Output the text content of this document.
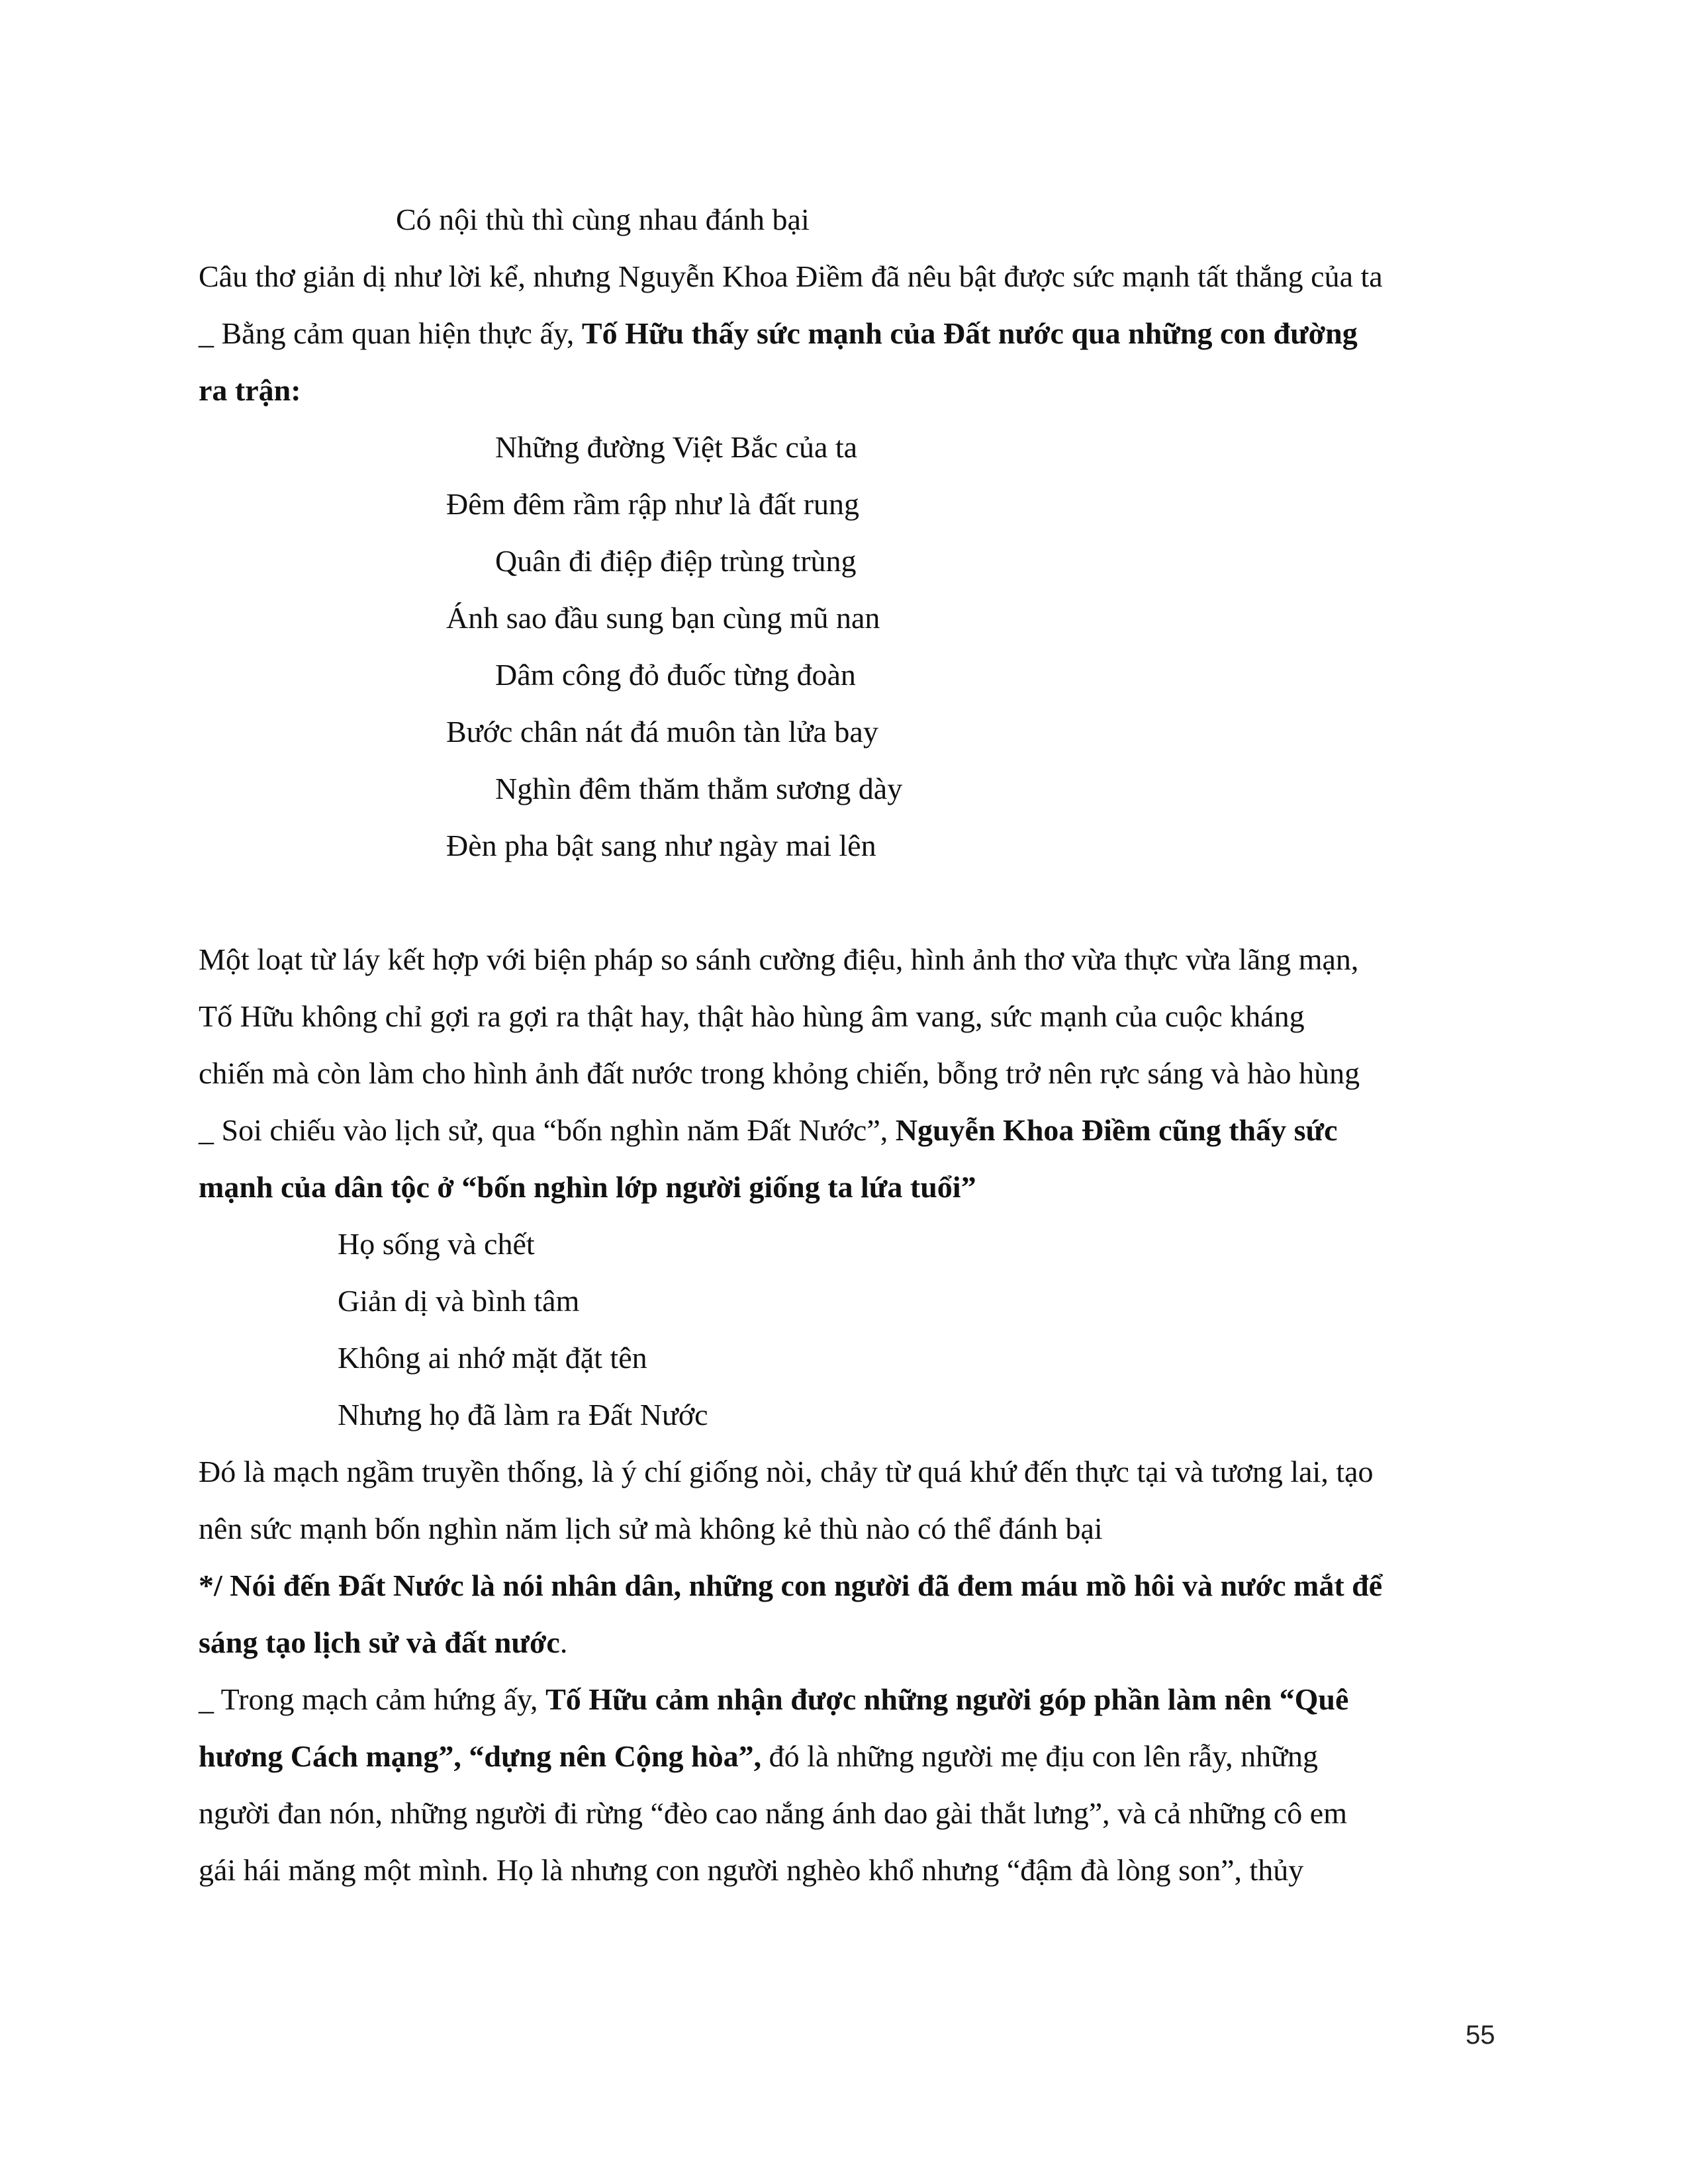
Có nội thù thì cùng nhau đánh bại
Câu thơ giản dị như lời kể, nhưng Nguyễn Khoa Điềm đã nêu bật được sức mạnh tất thắng của ta
_ Bằng cảm quan hiện thực ấy, Tố Hữu thấy sức mạnh của Đất nước qua những con đường
ra trận:
Những đường Việt Bắc của ta
Đêm đêm rầm rập như là đất rung
Quân đi điệp điệp trùng trùng
Ánh sao đầu sung bạn cùng mũ nan
Dâm công đỏ đuốc từng đoàn
Bước chân nát đá muôn tàn lửa bay
Nghìn đêm thăm thẳm sương dày
Đèn pha bật sang như ngày mai lên
Một loạt từ láy kết hợp với biện pháp so sánh cường điệu, hình ảnh thơ vừa thực vừa lãng mạn,
Tố Hữu không chỉ gợi ra gợi ra thật hay, thật hào hùng âm vang, sức mạnh của cuộc kháng
chiến mà còn làm cho hình ảnh đất nước trong khỏng chiến, bỗng trở nên rực sáng và hào hùng
_ Soi chiếu vào lịch sử, qua “bốn nghìn năm Đất Nước”, Nguyễn Khoa Điềm cũng thấy sức
mạnh của dân tộc ở “bốn nghìn lớp người giống ta lứa tuổi”
Họ sống và chết
Giản dị và bình tâm
Không ai nhớ mặt đặt tên
Nhưng họ đã làm ra Đất Nước
Đó là mạch ngầm truyền thống, là ý chí giống nòi, chảy từ quá khứ đến thực tại và tương lai, tạo
nên sức mạnh bốn nghìn năm lịch sử mà không kẻ thù nào có thể đánh bại
*/ Nói đến Đất Nước là nói nhân dân, những con người đã đem máu mồ hôi và nước mắt để
sáng tạo lịch sử và đất nước.
_ Trong mạch cảm hứng ấy, Tố Hữu cảm nhận được những người góp phần làm nên “Quê
hương Cách mạng”, “dựng nên Cộng hòa”, đó là những người mẹ địu con lên rẫy, những
người đan nón, những người đi rừng “đèo cao nắng ánh dao gài thắt lưng”, và cả những cô em
gái hái măng một mình. Họ là nhưng con người nghèo khổ nhưng “đậm đà lòng son”, thủy
55
